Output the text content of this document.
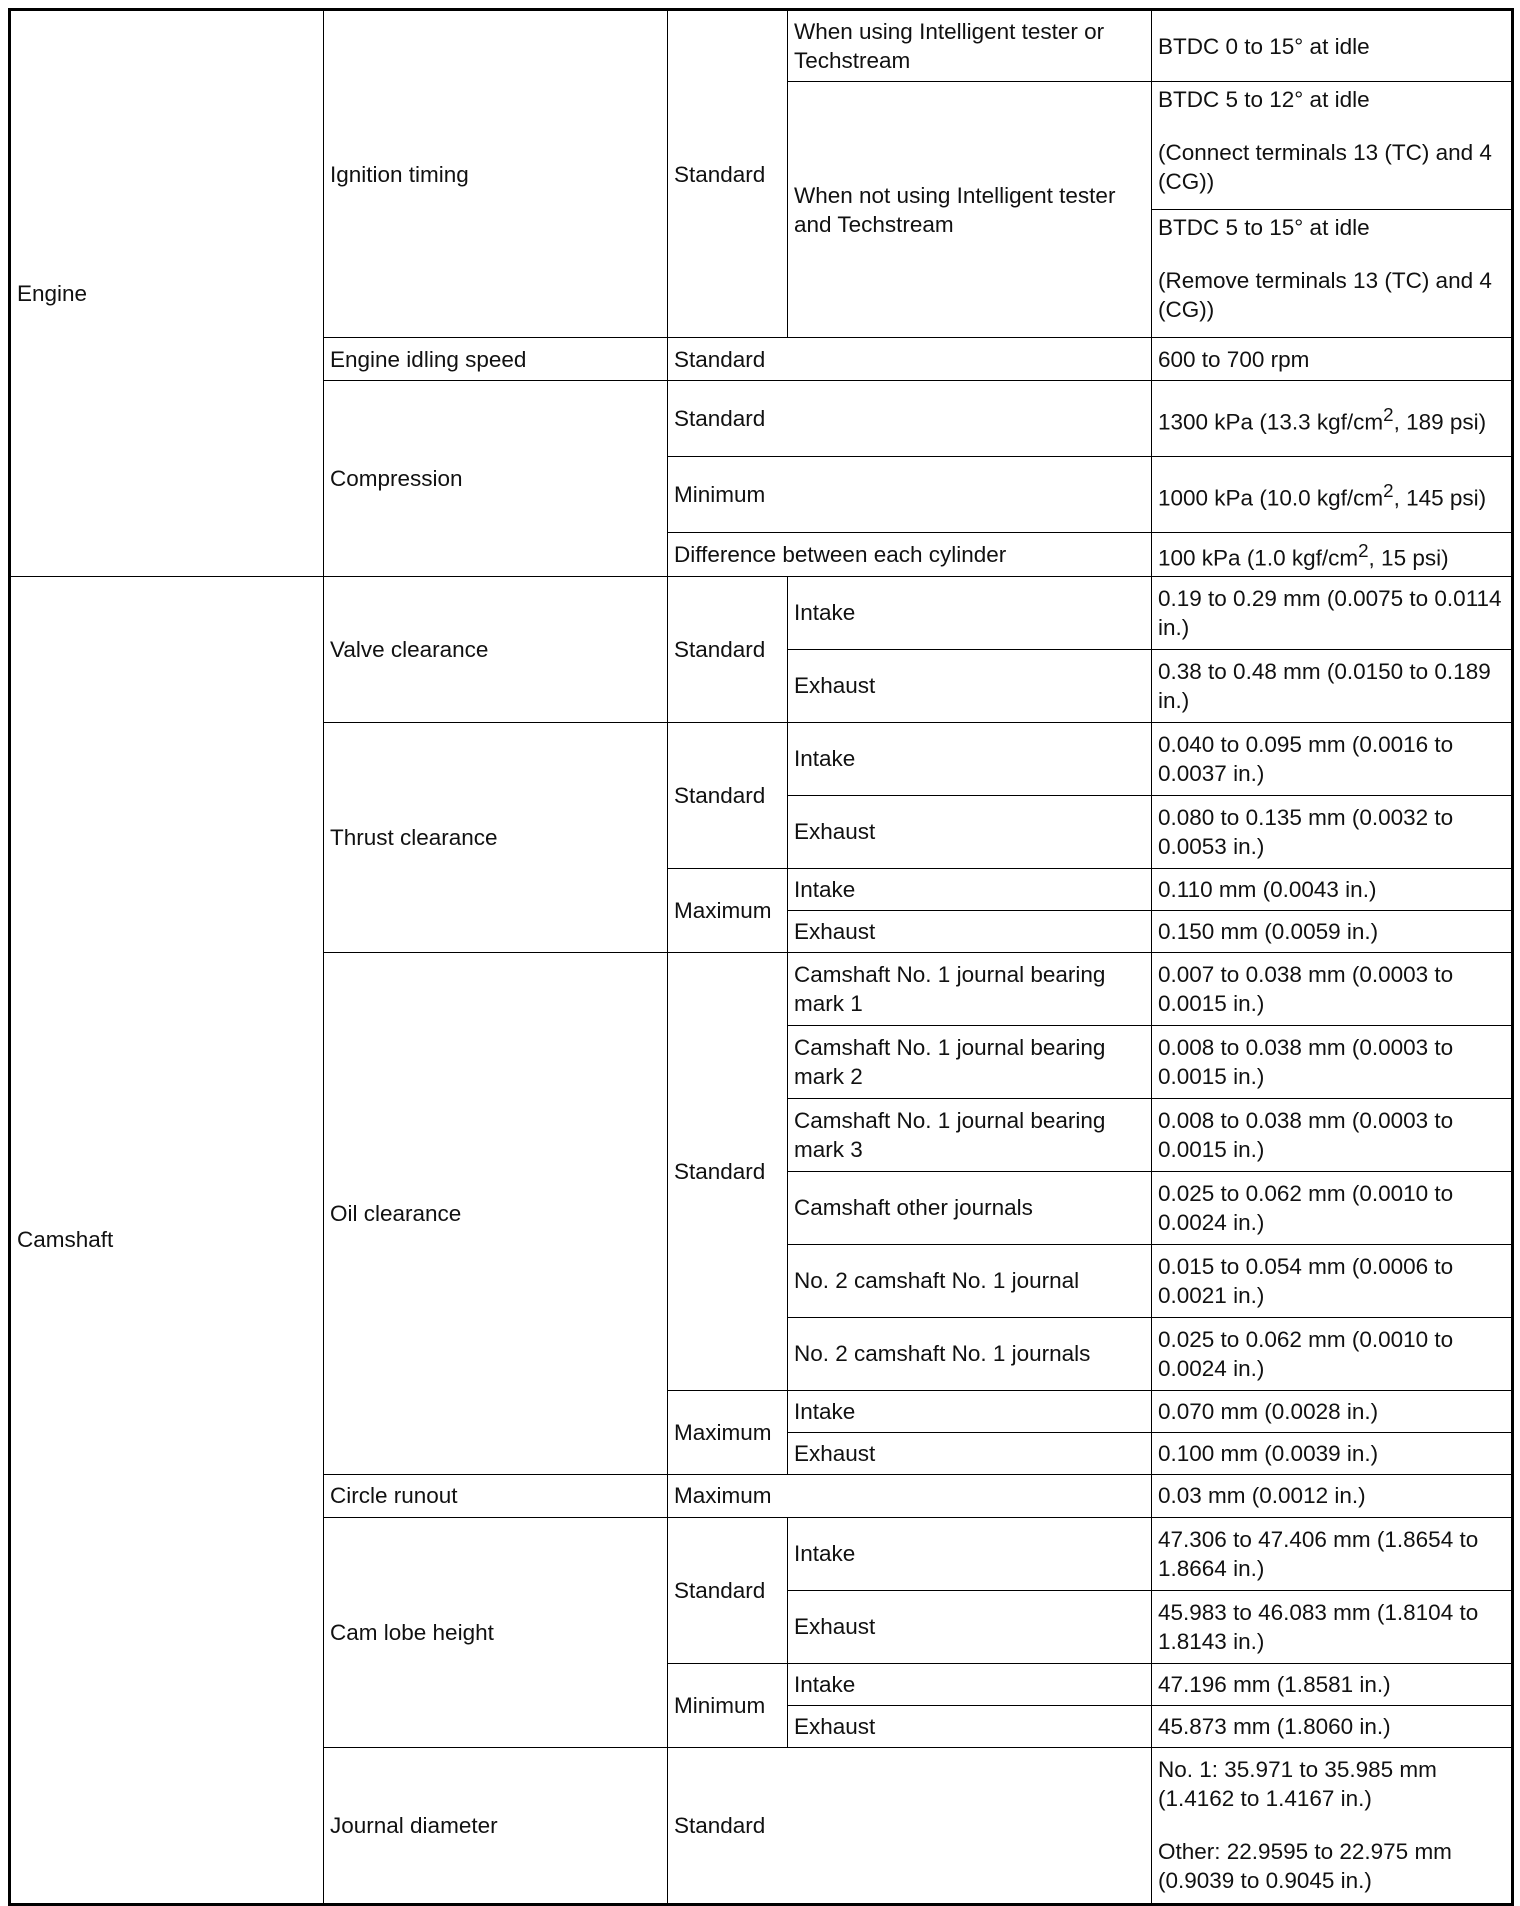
Engine	Ignition timing	Standard	When using Intelligent tester or Techstream	BTDC 0 to 15° at idle
			When not using Intelligent tester and Techstream	BTDC 5 to 12° at idle
(Connect terminals 13 (TC) and 4 (CG))
				BTDC 5 to 15° at idle
(Remove terminals 13 (TC) and 4 (CG))
	Engine idling speed	Standard		600 to 700 rpm
	Compression	Standard		1300 kPa (13.3 kgf/$cm^2$, 189 psi)
		Minimum		1000 kPa (10.0 kgf/$cm^2$, 145 psi)
		Difference between each cylinder		100 kPa (1.0 kgf/$cm^2$, 15 psi)
Camshaft	Valve clearance	Standard	Intake	0.19 to 0.29 mm (0.0075 to 0.0114 in.)
			Exhaust	0.38 to 0.48 mm (0.0150 to 0.189 in.)
	Thrust clearance	Standard	Intake	0.040 to 0.095 mm (0.0016 to 0.0037 in.)
			Exhaust	0.080 to 0.135 mm (0.0032 to 0.0053 in.)
		Maximum	Intake	0.110 mm (0.0043 in.)
			Exhaust	0.150 mm (0.0059 in.)
	Oil clearance	Standard	Camshaft No. 1 journal bearing mark 1	0.007 to 0.038 mm (0.0003 to 0.0015 in.)
			Camshaft No. 1 journal bearing mark 2	0.008 to 0.038 mm (0.0003 to 0.0015 in.)
			Camshaft No. 1 journal bearing mark 3	0.008 to 0.038 mm (0.0003 to 0.0015 in.)
			Camshaft other journals	0.025 to 0.062 mm (0.0010 to 0.0024 in.)
			No. 2 camshaft No. 1 journal	0.015 to 0.054 mm (0.0006 to 0.0021 in.)
			No. 2 camshaft No. 1 journals	0.025 to 0.062 mm (0.0010 to 0.0024 in.)
		Maximum	Intake	0.070 mm (0.0028 in.)
			Exhaust	0.100 mm (0.0039 in.)
	Circle runout	Maximum		0.03 mm (0.0012 in.)
	Cam lobe height	Standard	Intake	47.306 to 47.406 mm (1.8654 to 1.8664 in.)
			Exhaust	45.983 to 46.083 mm (1.8104 to 1.8143 in.)
		Minimum	Intake	47.196 mm (1.8581 in.)
			Exhaust	45.873 mm (1.8060 in.)
	Journal diameter	Standard		No. 1: 35.971 to 35.985 mm (1.4162 to 1.4167 in.)
Other: 22.9595 to 22.975 mm (0.9039 to 0.9045 in.)
